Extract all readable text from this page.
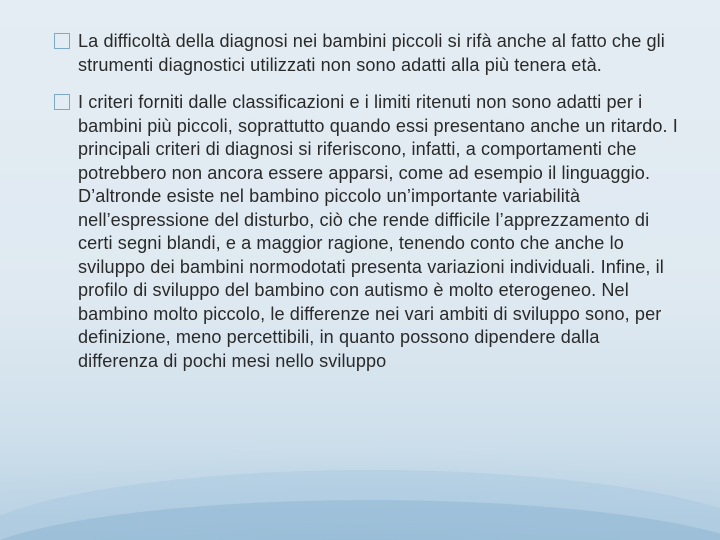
La difficoltà della diagnosi nei bambini piccoli si rifà anche al fatto che gli strumenti diagnostici utilizzati non sono adatti alla più tenera età.
I criteri forniti dalle classificazioni e i limiti ritenuti non sono adatti per i bambini più piccoli, soprattutto quando essi presentano anche un ritardo. I principali criteri di diagnosi si riferiscono, infatti, a comportamenti che potrebbero non ancora essere apparsi, come ad esempio il linguaggio. D’altronde esiste nel bambino piccolo un’importante variabilità nell’espressione del disturbo, ciò che rende difficile l’apprezzamento di certi segni blandi, e a maggior ragione, tenendo conto che anche lo sviluppo dei bambini normodotati presenta variazioni individuali. Infine, il profilo di sviluppo del bambino con autismo è molto eterogeneo. Nel bambino molto piccolo, le differenze nei vari ambiti di sviluppo sono, per definizione, meno percettibili, in quanto possono dipendere dalla differenza di pochi mesi nello sviluppo
